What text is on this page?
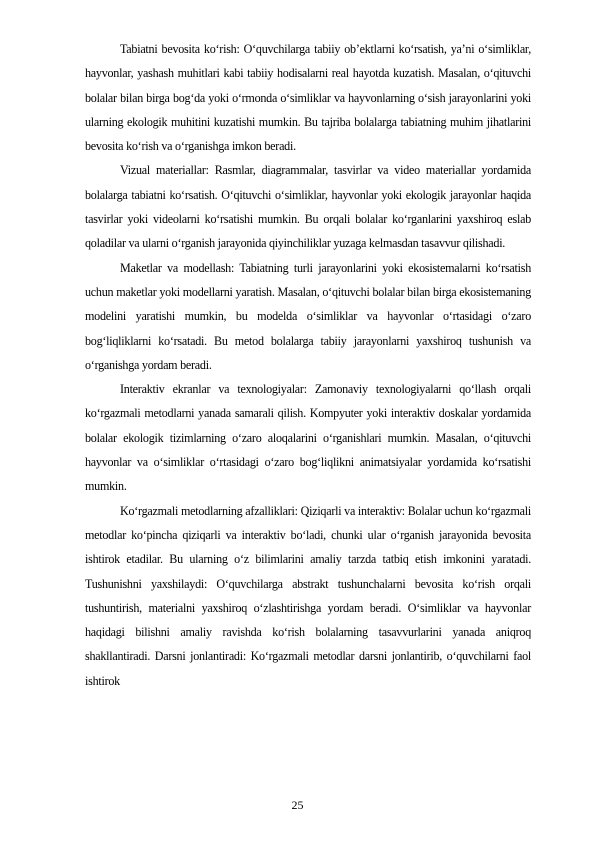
Tabiatni bevosita ko‘rish: O‘quvchilarga tabiiy ob’ektlarni ko‘rsatish, ya’ni o‘simliklar, hayvonlar, yashash muhitlari kabi tabiiy hodisalarni real hayotda kuzatish. Masalan, o‘qituvchi bolalar bilan birga bog‘da yoki o‘rmonda o‘simliklar va hayvonlarning o‘sish jarayonlarini yoki ularning ekologik muhitini kuzatishi mumkin. Bu tajriba bolalarga tabiatning muhim jihatlarini bevosita ko‘rish va o‘rganishga imkon beradi.

Vizual materiallar: Rasmlar, diagrammalar, tasvirlar va video materiallar yordamida bolalarga tabiatni ko‘rsatish. O‘qituvchi o‘simliklar, hayvonlar yoki ekologik jarayonlar haqida tasvirlar yoki videolarni ko‘rsatishi mumkin. Bu orqali bolalar ko‘rganlarini yaxshiroq eslab qoladilar va ularni o‘rganish jarayonida qiyinchiliklar yuzaga kelmasdan tasavvur qilishadi.

Maketlar va modellash: Tabiatning turli jarayonlarini yoki ekosistemalarni ko‘rsatish uchun maketlar yoki modellarni yaratish. Masalan, o‘qituvchi bolalar bilan birga ekosistemaning modelini yaratishi mumkin, bu modelda o‘simliklar va hayvonlar o‘rtasidagi o‘zaro bog‘liqliklarni ko‘rsatadi. Bu metod bolalarga tabiiy jarayonlarni yaxshiroq tushunish va o‘rganishga yordam beradi.

Interaktiv ekranlar va texnologiyalar: Zamonaviy texnologiyalarni qo‘llash orqali ko‘rgazmali metodlarni yanada samarali qilish. Kompyuter yoki interaktiv doskalar yordamida bolalar ekologik tizimlarning o‘zaro aloqalarini o‘rganishlari mumkin. Masalan, o‘qituvchi hayvonlar va o‘simliklar o‘rtasidagi o‘zaro bog‘liqlikni animatsiyalar yordamida ko‘rsatishi mumkin.

Ko‘rgazmali metodlarning afzalliklari: Qiziqarli va interaktiv: Bolalar uchun ko‘rgazmali metodlar ko‘pincha qiziqarli va interaktiv bo‘ladi, chunki ular o‘rganish jarayonida bevosita ishtirok etadilar. Bu ularning o‘z bilimlarini amaliy tarzda tatbiq etish imkonini yaratadi. Tushunishni yaxshilaydi: O‘quvchilarga abstrakt tushunchalarni bevosita ko‘rish orqali tushuntirish, materialni yaxshiroq o‘zlashtirishga yordam beradi. O‘simliklar va hayvonlar haqidagi bilishni amaliy ravishda ko‘rish bolalarning tasavvurlarini yanada aniqroq shakllantiradi. Darsni jonlantiradi: Ko‘rgazmali metodlar darsni jonlantirib, o‘quvchilarni faol ishtirok

25
